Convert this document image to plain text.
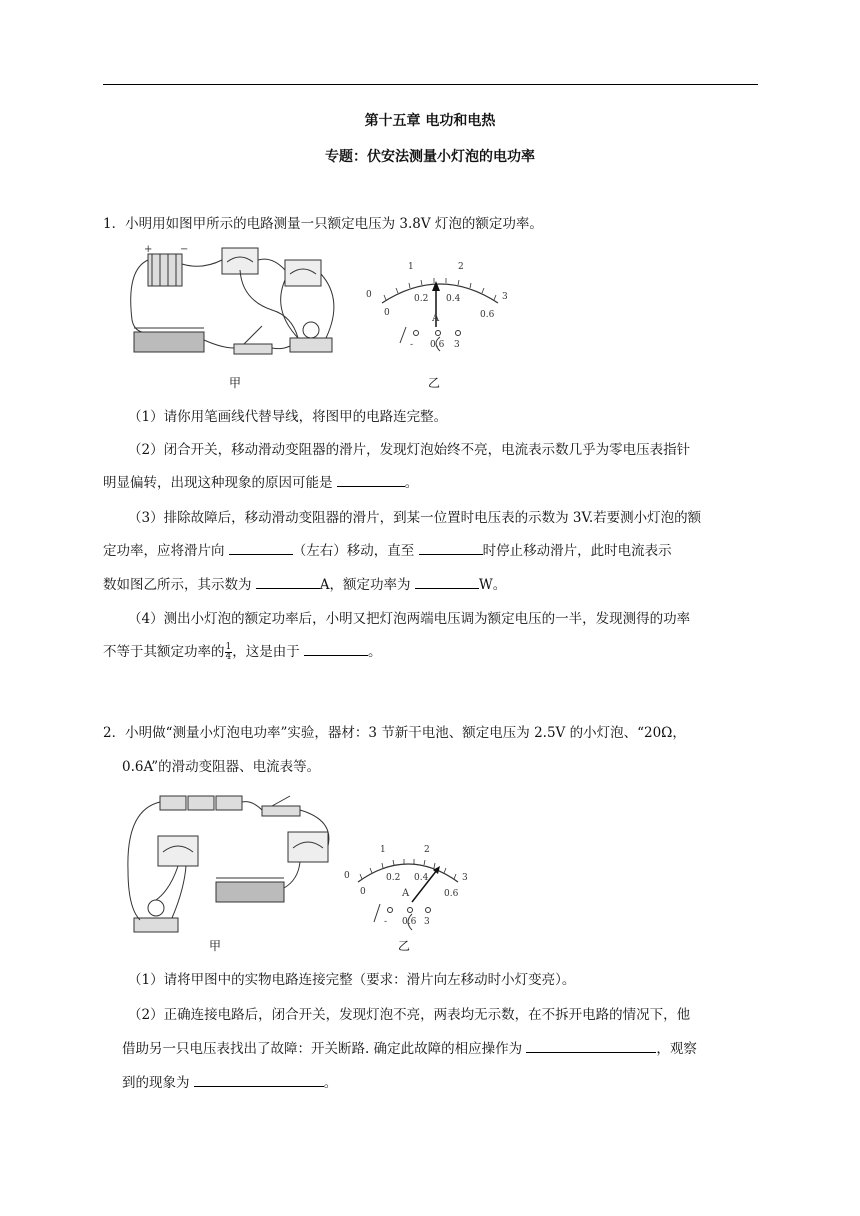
第十五章 电功和电热
专题：伏安法测量小灯泡的电功率
1．小明用如图甲所示的电路测量一只额定电压为 3.8V 灯泡的额定功率。
+	−
甲
0
1	2
3
0
0.2 0.4
0.6
A
- 0.6 3
乙
（1）请你用笔画线代替导线，将图甲的电路连完整。
（2）闭合开关，移动滑动变阻器的滑片，发现灯泡始终不亮，电流表示数几乎为零电压表指针
明显偏转，出现这种现象的原因可能是	。
（3）排除故障后，移动滑动变阻器的滑片，到某一位置时电压表的示数为 3V.若要测小灯泡的额
定功率，应将滑片向	（左右）移动，直至	时停止移动滑片，此时电流表示
数如图乙所示，其示数为	A，额定功率为	W。
（4）测出小灯泡的额定功率后，小明又把灯泡两端电压调为额定电压的一半，发现测得的功率
不等于其额定功率的 $\frac{1}{4}$ ，这是由于	。
2．小明做“测量小灯泡电功率”实验，器材：3 节新干电池、额定电压为 2.5V 的小灯泡、“20Ω，
0.6A”的滑动变阻器、电流表等。
甲
0
1	2
3
0
0.2 0.4
0.6
A
- 0.6 3
乙
（1）请将甲图中的实物电路连接完整（要求：滑片向左移动时小灯变亮）。
（2）正确连接电路后，闭合开关，发现灯泡不亮，两表均无示数，在不拆开电路的情况下，他
借助另一只电压表找出了故障：开关断路. 确定此故障的相应操作为	，观察
到的现象为	。
